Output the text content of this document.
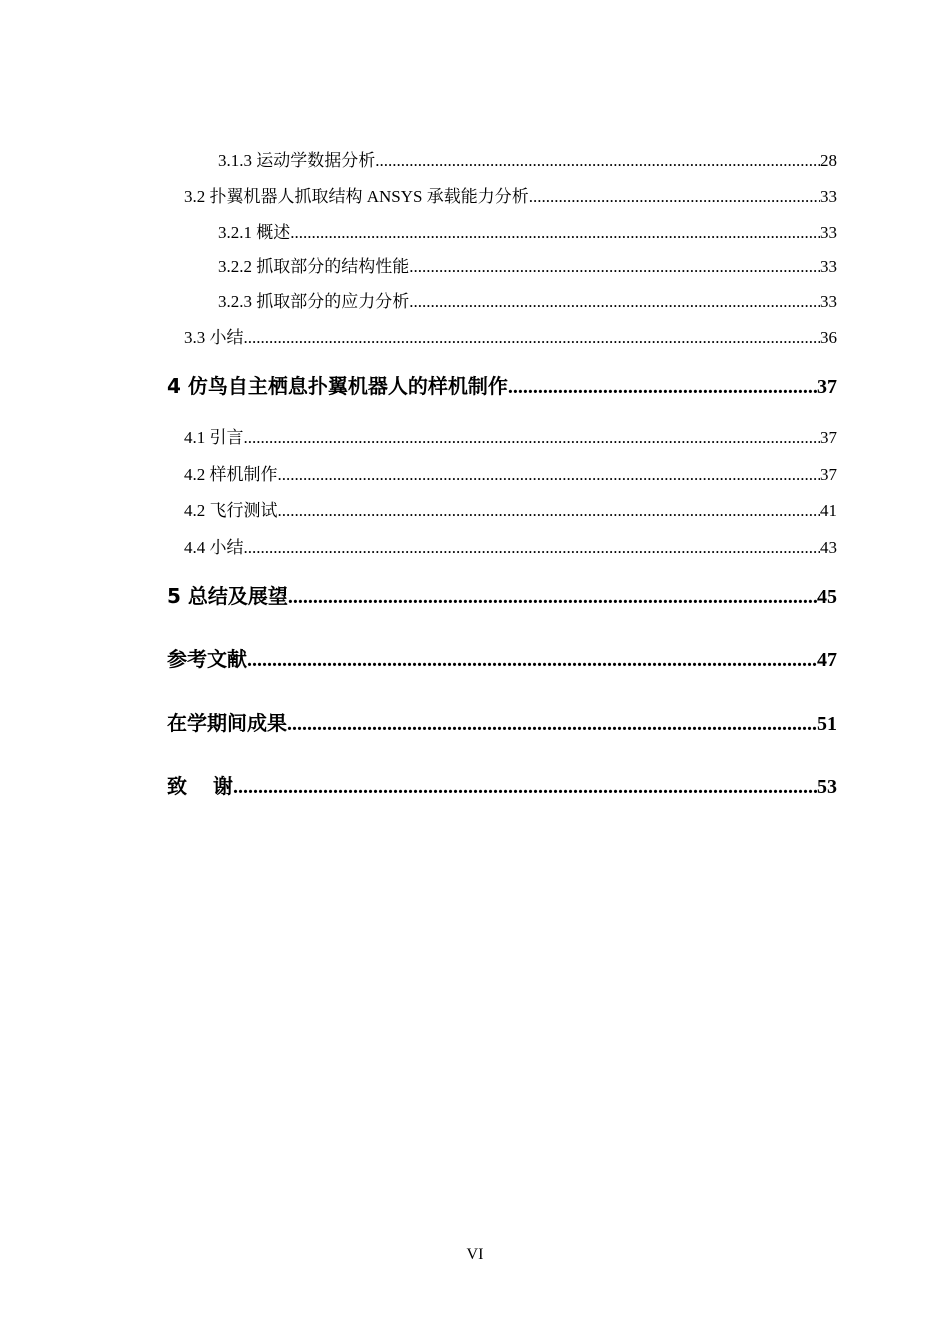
3.1.3 运动学数据分析 .....	28
3.2 扑翼机器人抓取结构 ANSYS 承载能力分析 .....	33
3.2.1 概述 .....	33
3.2.2 抓取部分的结构性能 .....	33
3.2.3 抓取部分的应力分析 .....	33
3.3 小结 .....	36
4 仿鸟自主栖息扑翼机器人的样机制作 .....	37
4.1 引言 .....	37
4.2 样机制作 .....	37
4.2 飞行测试 .....	41
4.4 小结 .....	43
5 总结及展望 .....	45
参考文献 .....	47
在学期间成果 .....	51
致 谢 .....	53
VI
